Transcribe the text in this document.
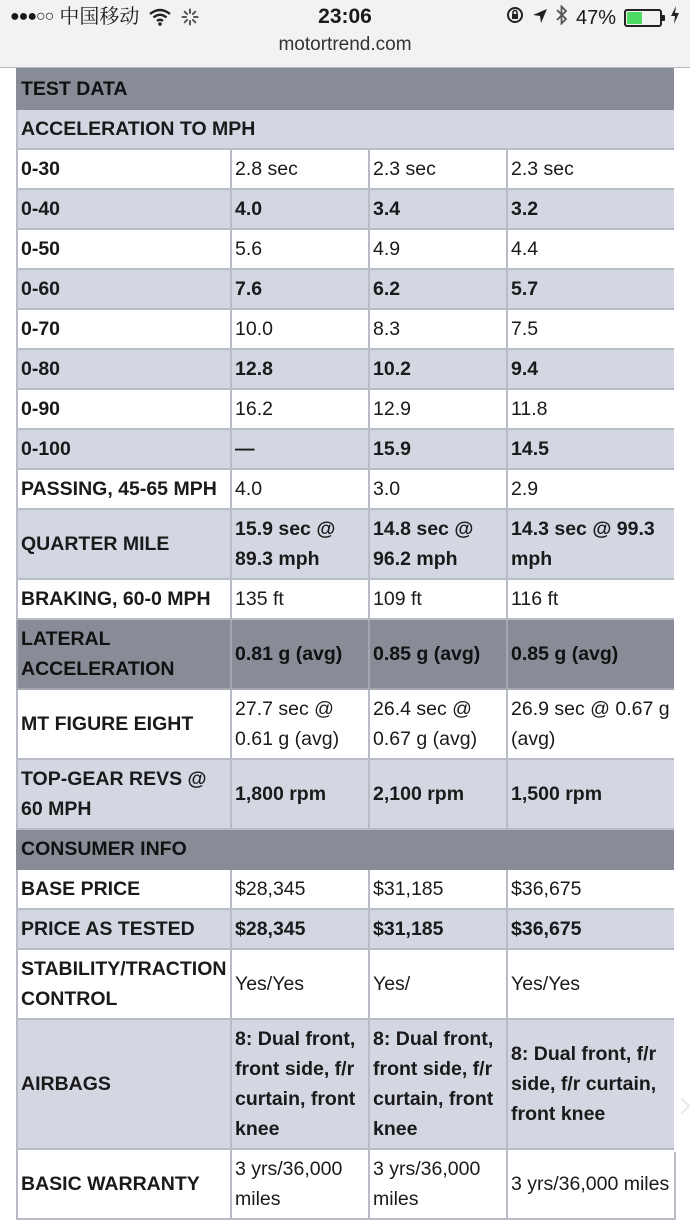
●●●○○ 中国移动	23:06	47%
motortrend.com
TEST DATA			
ACCELERATION TO MPH			
0-30	2.8 sec	2.3 sec	2.3 sec
0-40	4.0	3.4	3.2
0-50	5.6	4.9	4.4
0-60	7.6	6.2	5.7
0-70	10.0	8.3	7.5
0-80	12.8	10.2	9.4
0-90	16.2	12.9	11.8
0-100	—	15.9	14.5
PASSING, 45-65 MPH	4.0	3.0	2.9
QUARTER MILE	15.9 sec @ 89.3 mph	14.8 sec @ 96.2 mph	14.3 sec @ 99.3 mph
BRAKING, 60-0 MPH	135 ft	109 ft	116 ft
LATERAL ACCELERATION	0.81 g (avg)	0.85 g (avg)	0.85 g (avg)
MT FIGURE EIGHT	27.7 sec @ 0.61 g (avg)	26.4 sec @ 0.67 g (avg)	26.9 sec @ 0.67 g (avg)
TOP-GEAR REVS @ 60 MPH	1,800 rpm	2,100 rpm	1,500 rpm
CONSUMER INFO			
BASE PRICE	$28,345	$31,185	$36,675
PRICE AS TESTED	$28,345	$31,185	$36,675
STABILITY/TRACTION CONTROL	Yes/Yes	Yes/	Yes/Yes
AIRBAGS	8: Dual front, front side, f/r curtain, front knee	8: Dual front, front side, f/r curtain, front knee	8: Dual front, f/r side, f/r curtain, front knee
BASIC WARRANTY	3 yrs/36,000 miles	3 yrs/36,000 miles	3 yrs/36,000 miles
